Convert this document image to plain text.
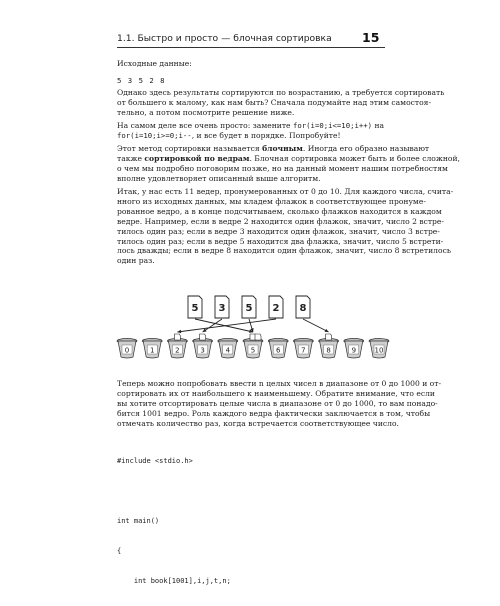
1.1. Быстро и просто — блочная сортировка 15
Исходные данные:
5 3 5 2 8
Однако здесь результаты сортируются по возрастанию, а требуется сортировать
от большего к малому, как нам быть? Сначала подумайте над этим самостоя-
тельно, а потом посмотрите решение ниже.
На самом деле все очень просто: замените for(i=0;i<=10;i++) на
for(i=10;i>=0;i--, и все будет в порядке. Попробуйте!
Этот метод сортировки называется блочным. Иногда его образно называют
также сортировкой по ведрам. Блочная сортировка может быть и более сложной,
о чем мы подробно поговорим позже, но на данный момент нашим потребностям
вполне удовлетворяет описанный выше алгоритм.
Итак, у нас есть 11 ведер, пронумерованных от 0 до 10. Для каждого числа, счита-
нного из исходных данных, мы кладем флажок в соответствующее пронуме-
рованное ведро, а в конце подсчитываем, сколько флажков находится в каждом
ведре. Например, если в ведре 2 находится один флажок, значит, число 2 встре-
тилось один раз; если в ведре 3 находится один флажок, значит, число 3 встре-
тилось один раз; если в ведре 5 находится два флажка, значит, число 5 встрети-
лось дважды; если в ведре 8 находится один флажок, значит, число 8 встретилось
один раз.
5 3 5 2 8
0	1	2	3	4	5	6	7	8	9	10
Теперь можно попробовать ввести n целых чисел в диапазоне от 0 до 1000 и от-
сортировать их от наибольшего к наименьшему. Обратите внимание, что если
вы хотите отсортировать целые числа в диапазоне от 0 до 1000, то вам понадо-
бится 1001 ведро. Роль каждого ведра фактически заключается в том, чтобы
отмечать количество раз, когда встречается соответствующее число.

#include <stdio.h>

int main()

{

int book[1001],i,j,t,n;
